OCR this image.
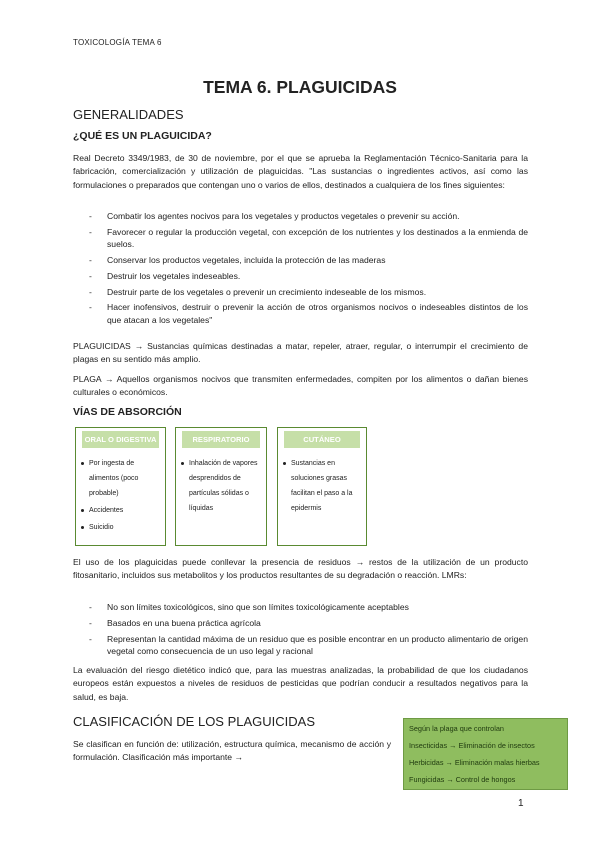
TOXICOLOGÍA TEMA 6
TEMA 6. PLAGUICIDAS
GENERALIDADES
¿QUÉ ES UN PLAGUICIDA?

Real Decreto 3349/1983, de 30 de noviembre, por el que se aprueba la Reglamentación Técnico-Sanitaria para la fabricación, comercialización y utilización de plaguicidas. "Las sustancias o ingredientes activos, así como las formulaciones o preparados que contengan uno o varios de ellos, destinados a cualquiera de los fines siguientes:

- Combatir los agentes nocivos para los vegetales y productos vegetales o prevenir su acción.
- Favorecer o regular la producción vegetal, con excepción de los nutrientes y los destinados a la enmienda de suelos.
- Conservar los productos vegetales, incluida la protección de las maderas
- Destruir los vegetales indeseables.
- Destruir parte de los vegetales o prevenir un crecimiento indeseable de los mismos.
- Hacer inofensivos, destruir o prevenir la acción de otros organismos nocivos o indeseables distintos de los que atacan a los vegetales"

PLAGUICIDAS → Sustancias químicas destinadas a matar, repeler, atraer, regular, o interrumpir el crecimiento de plagas en su sentido más amplio.

PLAGA → Aquellos organismos nocivos que transmiten enfermedades, compiten por los alimentos o dañan bienes culturales o económicos.

VÍAS DE ABSORCIÓN
ORAL O DIGESTIVA
Por ingesta de alimentos (poco probable)
Accidentes
Suicidio
RESPIRATORIO
Inhalación de vapores desprendidos de partículas sólidas o líquidas
CUTÁNEO
Sustancias en soluciones grasas facilitan el paso a la epidermis

El uso de los plaguicidas puede conllevar la presencia de residuos → restos de la utilización de un producto fitosanitario, incluidos sus metabolitos y los productos resultantes de su degradación o reacción. LMRs:

- No son límites toxicológicos, sino que son límites toxicológicamente aceptables
- Basados en una buena práctica agrícola
- Representan la cantidad máxima de un residuo que es posible encontrar en un producto alimentario de origen vegetal como consecuencia de un uso legal y racional

La evaluación del riesgo dietético indicó que, para las muestras analizadas, la probabilidad de que los ciudadanos europeos están expuestos a niveles de residuos de pesticidas que podrían conducir a resultados negativos para la salud, es baja.

CLASIFICACIÓN DE LOS PLAGUICIDAS

Se clasifican en función de: utilización, estructura química, mecanismo de acción y formulación. Clasificación más importante →

Según la plaga que controlan
Insecticidas → Eliminación de insectos
Herbicidas → Eliminación malas hierbas
Fungicidas → Control de hongos
1
